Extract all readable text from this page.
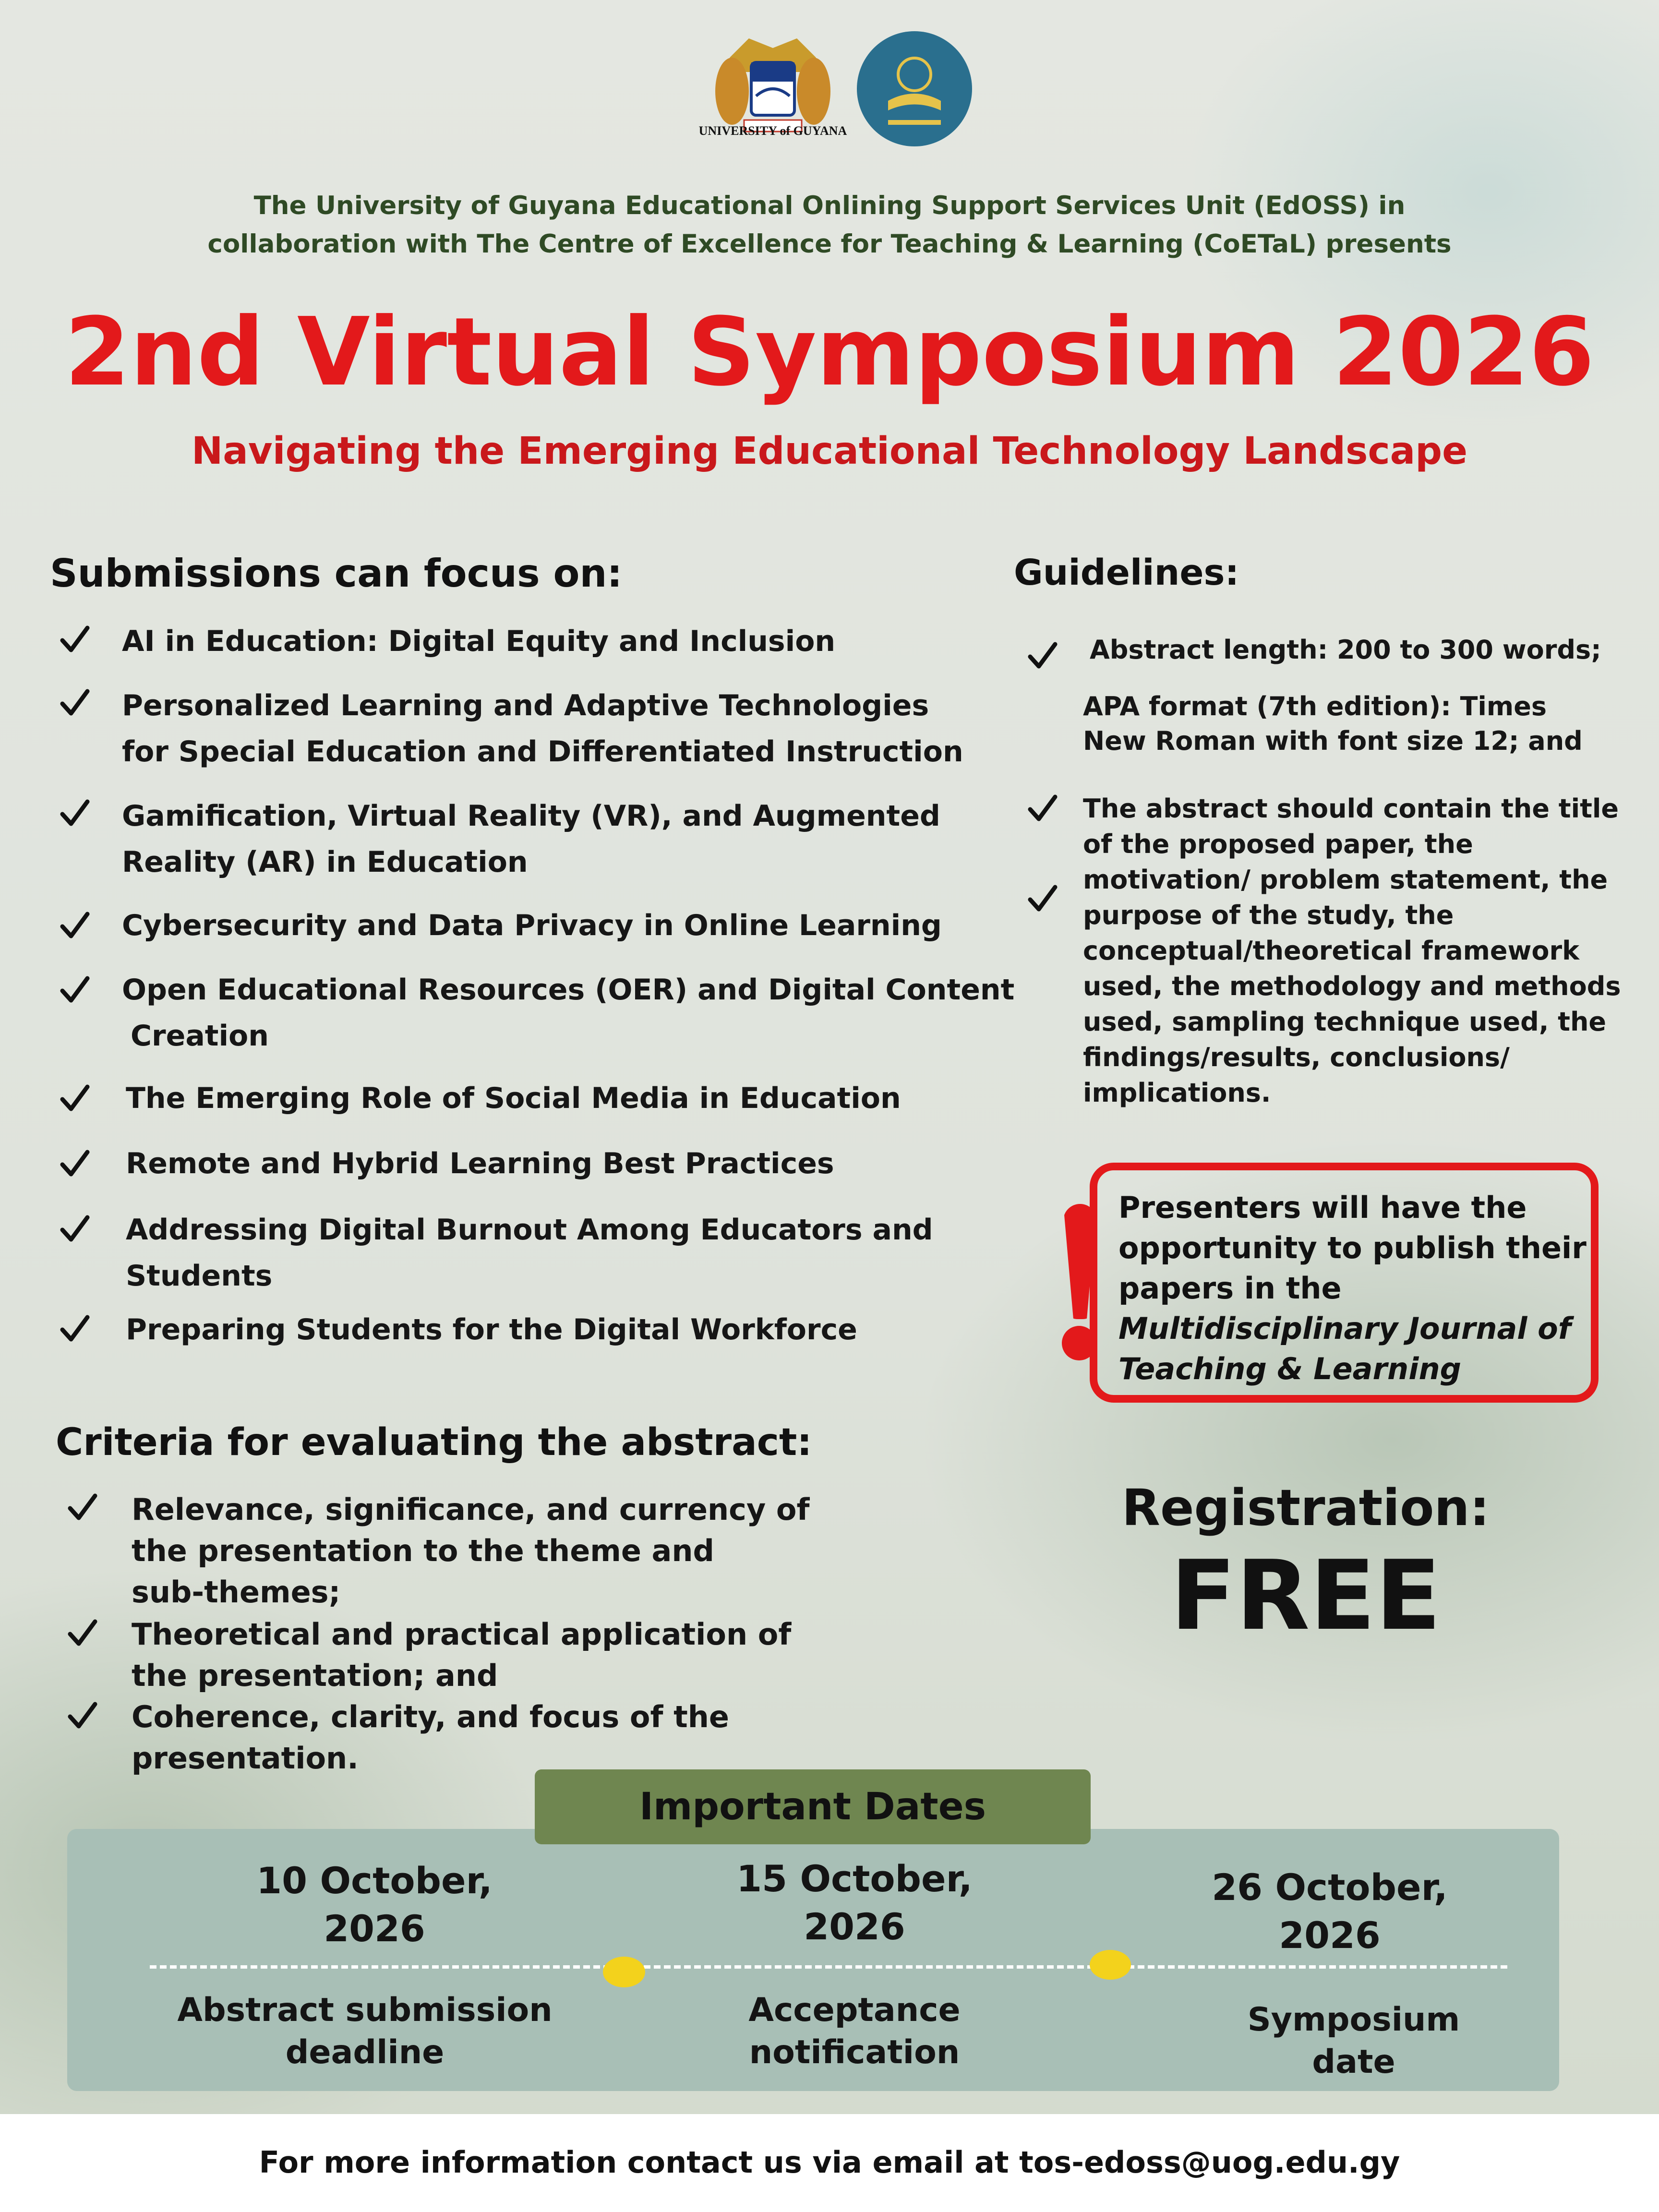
UNIVERSITY of GUYANA
The University of Guyana Educational Onlining Support Services Unit (EdOSS) in
collaboration with The Centre of Excellence for Teaching & Learning (CoETaL) presents
2nd Virtual Symposium 2026
Navigating the Emerging Educational Technology Landscape
Submissions can focus on:
AI in Education: Digital Equity and Inclusion
Personalized Learning and Adaptive Technologies
for Special Education and Differentiated Instruction
Gamification, Virtual Reality (VR), and Augmented
Reality (AR) in Education
Cybersecurity and Data Privacy in Online Learning
Open Educational Resources (OER) and Digital Content
Creation
The Emerging Role of Social Media in Education
Remote and Hybrid Learning Best Practices
Addressing Digital Burnout Among Educators and
Students
Preparing Students for the Digital Workforce
Guidelines:
Abstract length: 200 to 300 words;
APA format (7th edition): Times
New Roman with font size 12; and
The abstract should contain the title
of the proposed paper, the
motivation/ problem statement, the
purpose of the study, the
conceptual/theoretical framework
used, the methodology and methods
used, sampling technique used, the
findings/results, conclusions/
implications.
Presenters will have the
opportunity to publish their
papers in the
Multidisciplinary Journal of
Teaching & Learning
Criteria for evaluating the abstract:
Relevance, significance, and currency of
the presentation to the theme and
sub-themes;
Theoretical and practical application of
the presentation; and
Coherence, clarity, and focus of the
presentation.
Registration:
FREE
Important Dates
10 October,
2026
15 October,
2026
26 October,
2026
Abstract submission
deadline
Acceptance
notification
Symposium
date
For more information contact us via email at tos-edoss@uog.edu.gy
